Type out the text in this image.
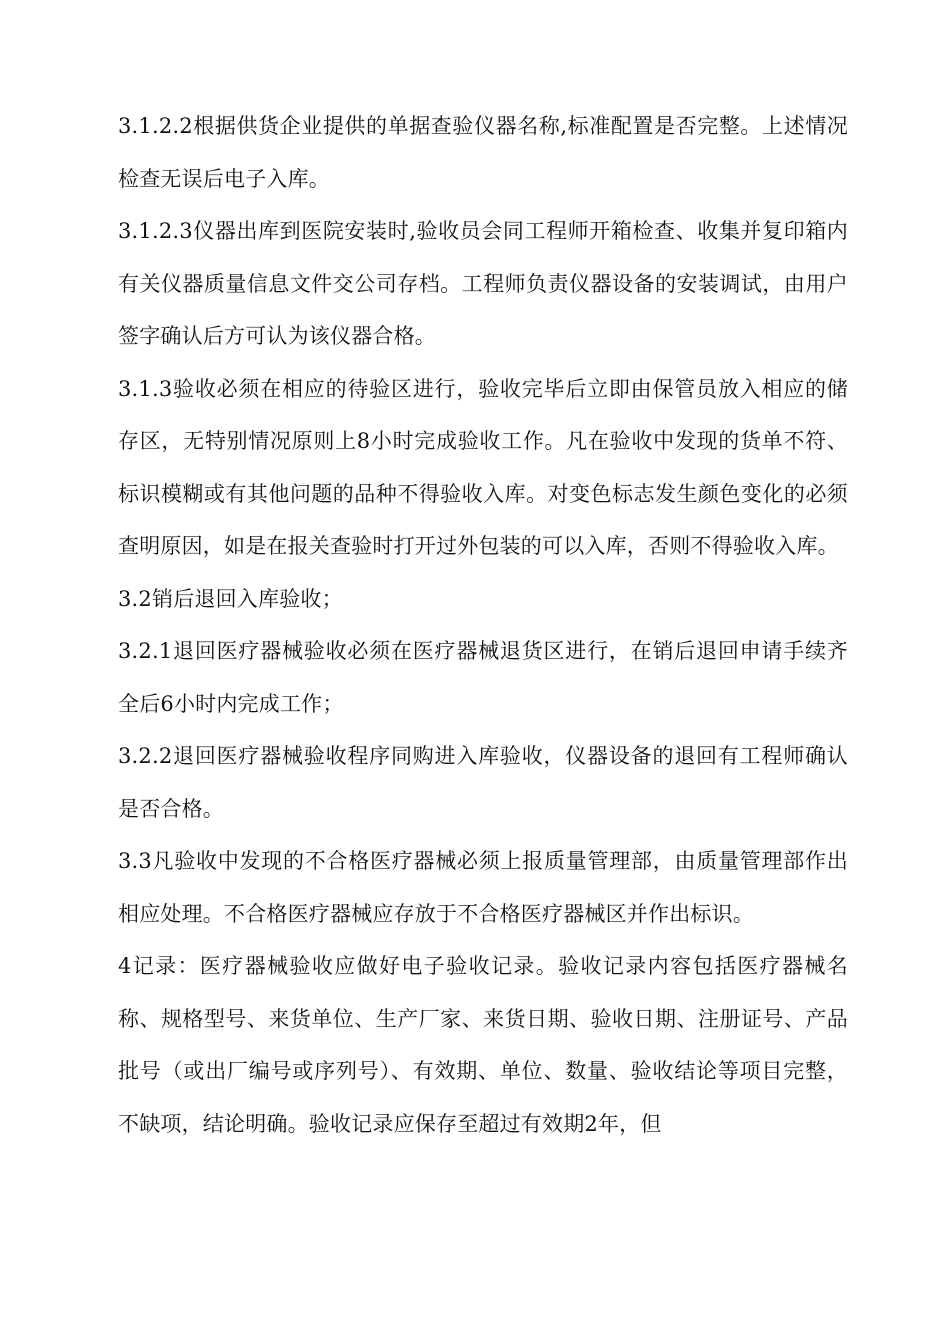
3.1.2.2根据供货企业提供的单据查验仪器名称,标准配置是否完整。上述情况检查无误后电子入库。

3.1.2.3仪器出库到医院安装时,验收员会同工程师开箱检查、收集并复印箱内有关仪器质量信息文件交公司存档。工程师负责仪器设备的安装调试，由用户签字确认后方可认为该仪器合格。

3.1.3验收必须在相应的待验区进行，验收完毕后立即由保管员放入相应的储存区，无特别情况原则上8小时完成验收工作。凡在验收中发现的货单不符、标识模糊或有其他问题的品种不得验收入库。对变色标志发生颜色变化的必须查明原因，如是在报关查验时打开过外包装的可以入库，否则不得验收入库。

3.2销后退回入库验收；

3.2.1退回医疗器械验收必须在医疗器械退货区进行，在销后退回申请手续齐全后6小时内完成工作；

3.2.2退回医疗器械验收程序同购进入库验收，仪器设备的退回有工程师确认是否合格。

3.3凡验收中发现的不合格医疗器械必须上报质量管理部，由质量管理部作出相应处理。不合格医疗器械应存放于不合格医疗器械区并作出标识。

4记录：医疗器械验收应做好电子验收记录。验收记录内容包括医疗器械名称、规格型号、来货单位、生产厂家、来货日期、验收日期、注册证号、产品批号（或出厂编号或序列号）、有效期、单位、数量、验收结论等项目完整，不缺项，结论明确。验收记录应保存至超过有效期2年，但
